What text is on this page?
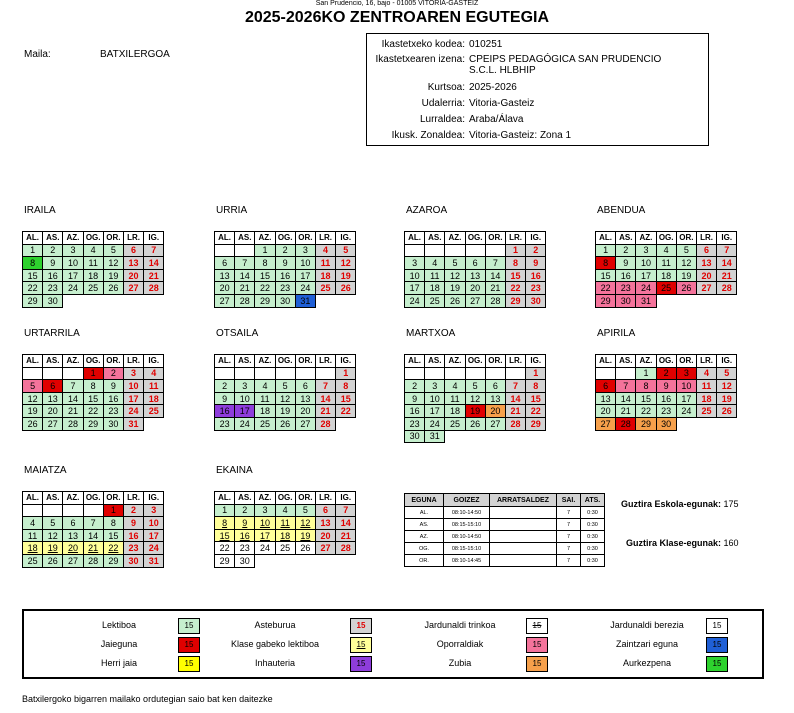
San Prudencio, 16, bajo - 01005 VITORIA-GASTEIZ
2025-2026KO ZENTROAREN EGUTEGIA
Maila:	BATXILERGOA
Ikastetxeko kodea: 010251
Ikastetxearen izena: CPEIPS PEDAGÓGICA SAN PRUDENCIO
S.C.L. HLBHIP
Kurtsoa: 2025-2026
Udalerria: Vitoria-Gasteiz
Lurraldea: Araba/Álava
Ikusk. Zonaldea: Vitoria-Gasteiz: Zona 1
IRAILA
AL.	AS.	AZ.	OG.	OR.	LR.	IG.
1	2	3	4	5	6	7
8	9	10	11	12	13	14
15	16	17	18	19	20	21
22	23	24	25	26	27	28
29	30					
URRIA
AL.	AS.	AZ.	OG.	OR.	LR.	IG.
		1	2	3	4	5
6	7	8	9	10	11	12
13	14	15	16	17	18	19
20	21	22	23	24	25	26
27	28	29	30	31		
AZAROA
AL.	AS.	AZ.	OG.	OR.	LR.	IG.
					1	2
3	4	5	6	7	8	9
10	11	12	13	14	15	16
17	18	19	20	21	22	23
24	25	26	27	28	29	30
ABENDUA
AL.	AS.	AZ.	OG.	OR.	LR.	IG.
1	2	3	4	5	6	7
8	9	10	11	12	13	14
15	16	17	18	19	20	21
22	23	24	25	26	27	28
29	30	31				
URTARRILA
AL.	AS.	AZ.	OG.	OR.	LR.	IG.
			1	2	3	4
5	6	7	8	9	10	11
12	13	14	15	16	17	18
19	20	21	22	23	24	25
26	27	28	29	30	31	
OTSAILA
AL.	AS.	AZ.	OG.	OR.	LR.	IG.
						1
2	3	4	5	6	7	8
9	10	11	12	13	14	15
16	17	18	19	20	21	22
23	24	25	26	27	28	
MARTXOA
AL.	AS.	AZ.	OG.	OR.	LR.	IG.
						1
2	3	4	5	6	7	8
9	10	11	12	13	14	15
16	17	18	19	20	21	22
23	24	25	26	27	28	29
30	31					
APIRILA
AL.	AS.	AZ.	OG.	OR.	LR.	IG.
		1	2	3	4	5
6	7	8	9	10	11	12
13	14	15	16	17	18	19
20	21	22	23	24	25	26
27	28	29	30			
MAIATZA
AL.	AS.	AZ.	OG.	OR.	LR.	IG.
				1	2	3
4	5	6	7	8	9	10
11	12	13	14	15	16	17
18	19	20	21	22	23	24
25	26	27	28	29	30	31
EKAINA
AL.	AS.	AZ.	OG.	OR.	LR.	IG.
1	2	3	4	5	6	7
8	9	10	11	12	13	14
15	16	17	18	19	20	21
22	23	24	25	26	27	28
29	30					
EGUNA	GOIZEZ	ARRATSALDEZ	SAI.	ATS.
AL.	08:10-14:50		7	0:30
AS.	08:15-15:10		7	0:30
AZ.	08:10-14:50		7	0:30
OG.	08:15-15:10		7	0:30
OR.	08:10-14:45		7	0:30
Guztira Eskola-egunak: 175
Guztira Klase-egunak: 160
Lektiboa	15	Asteburua	15	Jardunaldi trinkoa	15	Jardunaldi berezia	15
Jaieguna	15	Klase gabeko lektiboa	15	Oporraldiak	15	Zaintzari eguna	15
Herri jaia	15	Inhauteria	15	Zubia	15	Aurkezpena	15
Batxilergoko bigarren mailako ordutegian saio bat ken daitezke
